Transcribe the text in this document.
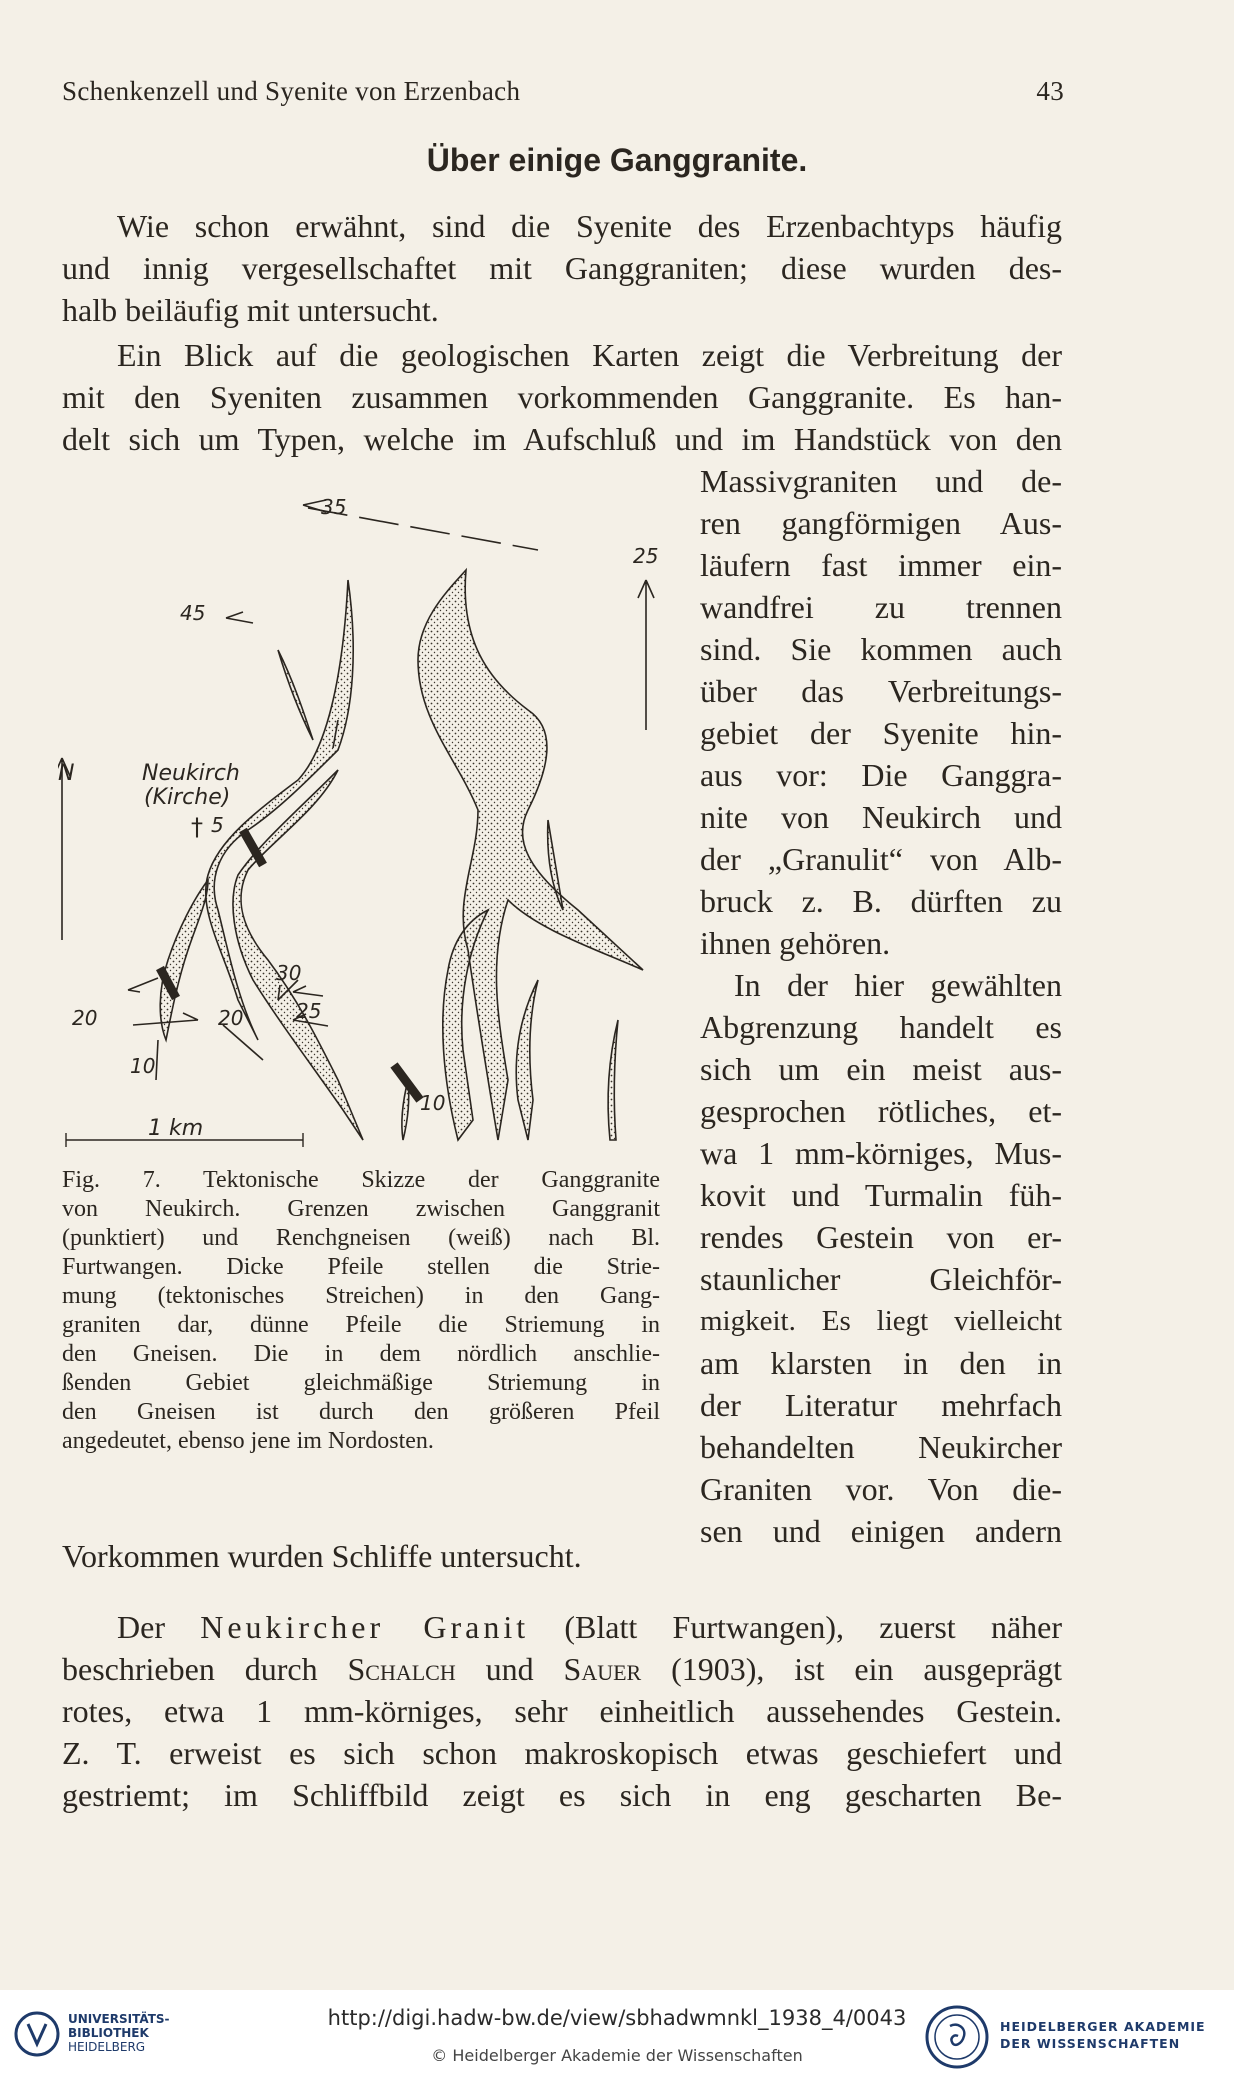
Schenkenzell und Syenite von Erzenbach	43
Über einige Ganggranite.
Wie schon erwähnt, sind die Syenite des Erzenbachtyps häufig
und innig vergesellschaftet mit Ganggraniten; diese wurden des-
halb beiläufig mit untersucht.
Ein Blick auf die geologischen Karten zeigt die Verbreitung der
mit den Syeniten zusammen vorkommenden Ganggranite. Es han-
delt sich um Typen, welche im Aufschluß und im Handstück von den
Massivgraniten und de-
ren gangförmigen Aus-
läufern fast immer ein-
wandfrei zu trennen
sind. Sie kommen auch
über das Verbreitungs-
gebiet der Syenite hin-
aus vor: Die Ganggra-
nite von Neukirch und
der „Granulit“ von Alb-
bruck z. B. dürften zu
ihnen gehören.
In der hier gewählten
Abgrenzung handelt es
sich um ein meist aus-
gesprochen rötliches, et-
wa 1 mm-körniges, Mus-
kovit und Turmalin füh-
rendes Gestein von er-
staunlicher Gleichför-
migkeit. Es liegt vielleicht
am klarsten in den in
der Literatur mehrfach
behandelten Neukircher
Graniten vor. Von die-
sen und einigen andern
N	Neukirch
(Kirche)
† 5
1 km
35
45
25
30
25
20
20
10
10
Fig. 7. Tektonische Skizze der Ganggranite
von Neukirch. Grenzen zwischen Ganggranit
(punktiert) und Renchgneisen (weiß) nach Bl.
Furtwangen. Dicke Pfeile stellen die Strie-
mung (tektonisches Streichen) in den Gang-
graniten dar, dünne Pfeile die Striemung in
den Gneisen. Die in dem nördlich anschlie-
ßenden Gebiet gleichmäßige Striemung in
den Gneisen ist durch den größeren Pfeil
angedeutet, ebenso jene im Nordosten.
Vorkommen wurden Schliffe untersucht.
Der Neukircher Granit (Blatt Furtwangen), zuerst näher
beschrieben durch Schalch und Sauer (1903), ist ein ausgeprägt
rotes, etwa 1 mm-körniges, sehr einheitlich aussehendes Gestein.
Z. T. erweist es sich schon makroskopisch etwas geschiefert und
gestriemt; im Schliffbild zeigt es sich in eng gescharten Be-
UNIVERSITÄTS-
BIBLIOTHEK
HEIDELBERG
http://digi.hadw-bw.de/view/sbhadwmnkl_1938_4/0043
© Heidelberger Akademie der Wissenschaften
HEIDELBERGER AKADEMIE
DER WISSENSCHAFTEN
